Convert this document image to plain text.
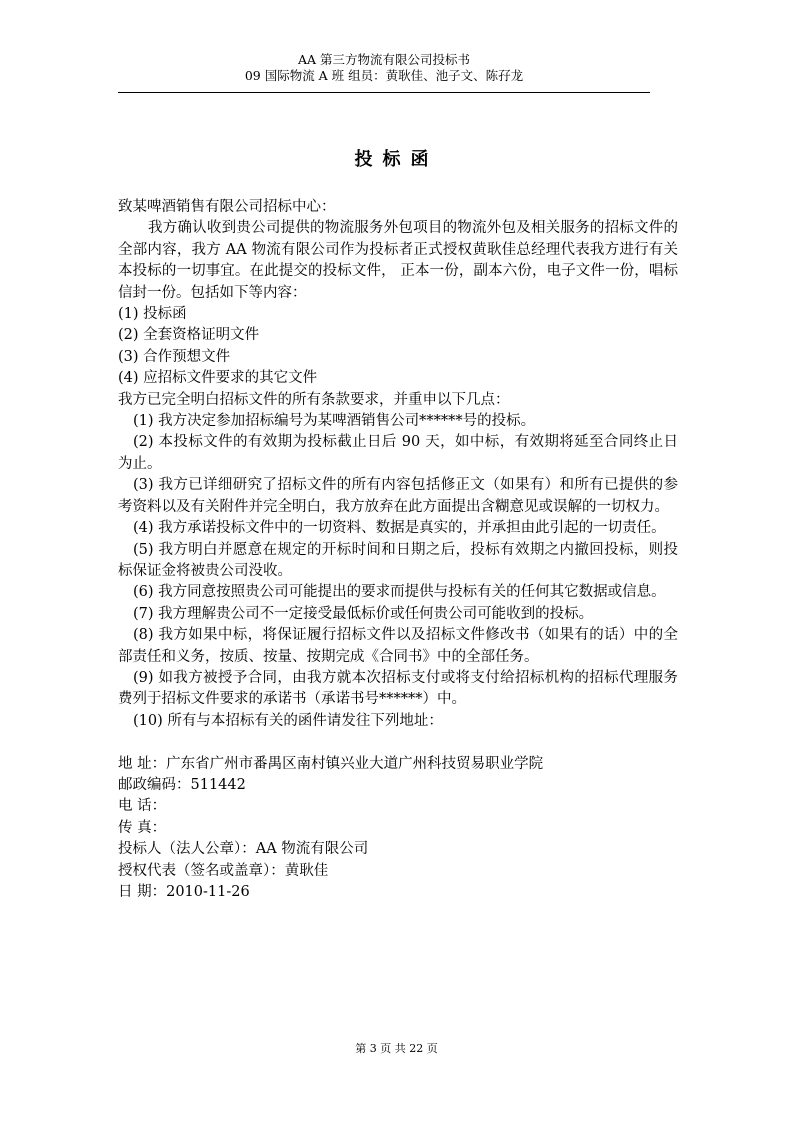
AA 第三方物流有限公司投标书
09 国际物流 A 班 组员：黄耿佳、池子文、陈孖龙
投标函

致某啤酒销售有限公司招标中心：

我方确认收到贵公司提供的物流服务外包项目的物流外包及相关服务的招标文件的全部内容，我方 AA 物流有限公司作为投标者正式授权黄耿佳总经理代表我方进行有关本投标的一切事宜。在此提交的投标文件， 正本一份，副本六份，电子文件一份，唱标信封一份。包括如下等内容：

(1) 投标函

(2) 全套资格证明文件

(3) 合作预想文件

(4) 应招标文件要求的其它文件

我方已完全明白招标文件的所有条款要求，并重申以下几点：

(1) 我方决定参加招标编号为某啤酒销售公司******号的投标。

(2) 本投标文件的有效期为投标截止日后 90 天，如中标，有效期将延至合同终止日为止。

(3) 我方已详细研究了招标文件的所有内容包括修正文（如果有）和所有已提供的参考资料以及有关附件并完全明白，我方放弃在此方面提出含糊意见或误解的一切权力。

(4) 我方承诺投标文件中的一切资料、数据是真实的，并承担由此引起的一切责任。

(5) 我方明白并愿意在规定的开标时间和日期之后，投标有效期之内撤回投标，则投标保证金将被贵公司没收。

(6) 我方同意按照贵公司可能提出的要求而提供与投标有关的任何其它数据或信息。

(7) 我方理解贵公司不一定接受最低标价或任何贵公司可能收到的投标。

(8) 我方如果中标，将保证履行招标文件以及招标文件修改书（如果有的话）中的全部责任和义务，按质、按量、按期完成《合同书》中的全部任务。

(9) 如我方被授予合同，由我方就本次招标支付或将支付给招标机构的招标代理服务费列于招标文件要求的承诺书（承诺书号******）中。

(10) 所有与本招标有关的函件请发往下列地址：

地 址：广东省广州市番禺区南村镇兴业大道广州科技贸易职业学院

邮政编码：511442

电 话：

传 真：

投标人（法人公章）：AA 物流有限公司

授权代表（签名或盖章）：黄耿佳

日 期：2010-11-26

第 3 页 共 22 页
